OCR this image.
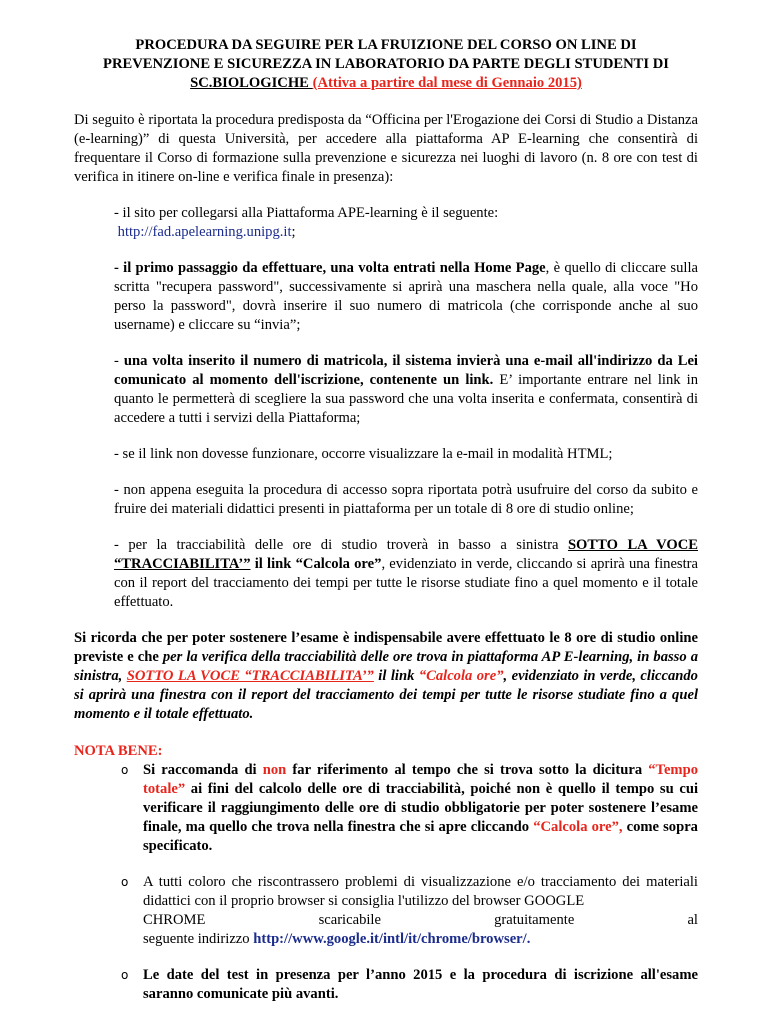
PROCEDURA DA SEGUIRE PER LA FRUIZIONE DEL CORSO ON LINE DI
PREVENZIONE E SICUREZZA IN LABORATORIO DA PARTE DEGLI STUDENTI DI
SC.BIOLOGICHE (Attiva a partire dal mese di Gennaio 2015)

Di seguito è riportata la procedura predisposta da “Officina per l'Erogazione dei Corsi di Studio a Distanza (e-learning)” di questa Università, per accedere alla piattaforma AP E-learning che consentirà di frequentare il Corso di formazione sulla prevenzione e sicurezza nei luoghi di lavoro (n. 8 ore con test di verifica in itinere on-line e verifica finale in presenza):

- il sito per collegarsi alla Piattaforma APE-learning è il seguente:
http://fad.apelearning.unipg.it;

- il primo passaggio da effettuare, una volta entrati nella Home Page, è quello di cliccare sulla scritta "recupera password", successivamente si aprirà una maschera nella quale, alla voce "Ho perso la password", dovrà inserire il suo numero di matricola (che corrisponde anche al suo username) e cliccare su “invia”;

- una volta inserito il numero di matricola, il sistema invierà una e-mail all'indirizzo da Lei comunicato al momento dell'iscrizione, contenente un link. E’ importante entrare nel link in quanto le permetterà di scegliere la sua password che una volta inserita e confermata, consentirà di accedere a tutti i servizi della Piattaforma;

- se il link non dovesse funzionare, occorre visualizzare la e-mail in modalità HTML;

- non appena eseguita la procedura di accesso sopra riportata potrà usufruire del corso da subito e fruire dei materiali didattici presenti in piattaforma per un totale di 8 ore di studio online;

- per la tracciabilità delle ore di studio troverà in basso a sinistra SOTTO LA VOCE “TRACCIABILITA’” il link “Calcola ore”, evidenziato in verde, cliccando si aprirà una finestra con il report del tracciamento dei tempi per tutte le risorse studiate fino a quel momento e il totale effettuato.

Si ricorda che per poter sostenere l’esame è indispensabile avere effettuato le 8 ore di studio online previste e che per la verifica della tracciabilità delle ore trova in piattaforma AP E-learning, in basso a sinistra, SOTTO LA VOCE “TRACCIABILITA’” il link “Calcola ore”, evidenziato in verde, cliccando si aprirà una finestra con il report del tracciamento dei tempi per tutte le risorse studiate fino a quel momento e il totale effettuato.

NOTA BENE:
o Si raccomanda di non far riferimento al tempo che si trova sotto la dicitura “Tempo totale” ai fini del calcolo delle ore di tracciabilità, poiché non è quello il tempo su cui verificare il raggiungimento delle ore di studio obbligatorie per poter sostenere l’esame finale, ma quello che trova nella finestra che si apre cliccando “Calcola ore”, come sopra specificato.
o A tutti coloro che riscontrassero problemi di visualizzazione e/o tracciamento dei materiali didattici con il proprio browser si consiglia l'utilizzo del browser GOOGLE
CHROME	scaricabile	gratuitamente	al
seguente indirizzo http://www.google.it/intl/it/chrome/browser/.
o Le date del test in presenza per l’anno 2015 e la procedura di iscrizione all'esame saranno comunicate più avanti.
